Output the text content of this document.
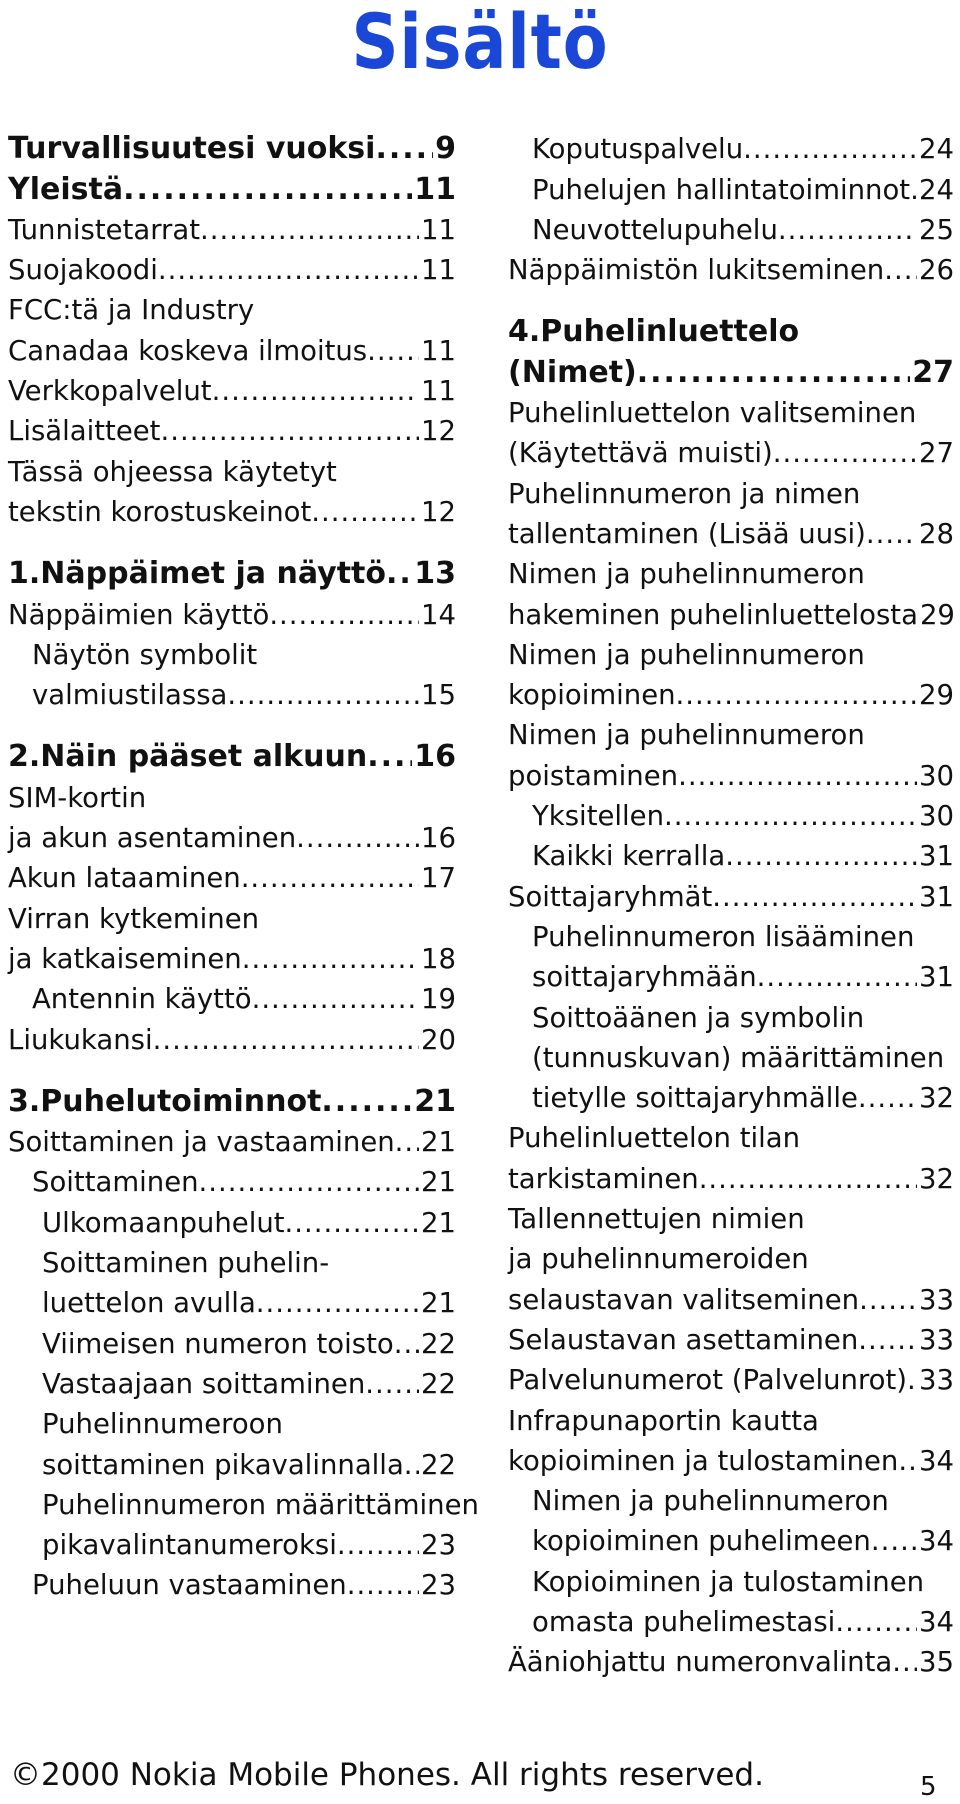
Sisältö
Turvallisuutesi vuoksi ..... 9
Yleistä .....	11
Tunnistetarrat .....	11
Suojakoodi .....	11
FCC:tä ja Industry
Canadaa koskeva ilmoitus ..... 11
Verkkopalvelut .....	11
Lisälaitteet .....	12
Tässä ohjeessa käytetyt
tekstin korostuskeinot .....	12
1.Näppäimet ja näyttö ..... 13
Näppäimien käyttö .....	14
Näytön symbolit
valmiustilassa .....	15
2.Näin pääset alkuun ..... 16
SIM-kortin
ja akun asentaminen .....	16
Akun lataaminen .....	17
Virran kytkeminen
ja katkaiseminen .....	18
Antennin käyttö .....	19
Liukukansi .....	20
3.Puhelutoiminnot .....	21
Soittaminen ja vastaaminen ..... 21
Soittaminen .....	21
Ulkomaanpuhelut .....	21
Soittaminen puhelin-
luettelon avulla .....	21
Viimeisen numeron toisto ..... 22
Vastaajaan soittaminen ..... 22
Puhelinnumeroon
soittaminen pikavalinnalla ..... 22
Puhelinnumeron määrittäminen
pikavalintanumeroksi .....	23
Puheluun vastaaminen .....	23
Koputuspalvelu .....	24
Puhelujen hallintatoiminnot ..... 24
Neuvottelupuhelu .....	25
Näppäimistön lukitseminen ..... 26
4.Puhelinluettelo
(Nimet) .....	27
Puhelinluettelon valitseminen
(Käytettävä muisti) .....	27
Puhelinnumeron ja nimen
tallentaminen (Lisää uusi) ..... 28
Nimen ja puhelinnumeron
hakeminen puhelinluettelosta 29
Nimen ja puhelinnumeron
kopioiminen .....	29
Nimen ja puhelinnumeron
poistaminen .....	30
Yksitellen .....	30
Kaikki kerralla .....	31
Soittajaryhmät .....	31
Puhelinnumeron lisääminen
soittajaryhmään .....	31
Soittoäänen ja symbolin
(tunnuskuvan) määrittäminen
tietylle soittajaryhmälle ..... 32
Puhelinluettelon tilan
tarkistaminen .....	32
Tallennettujen nimien
ja puhelinnumeroiden
selaustavan valitseminen ..... 33
Selaustavan asettaminen ..... 33
Palvelunumerot (Palvelunrot) ..... 33
Infrapunaportin kautta
kopioiminen ja tulostaminen ..... 34
Nimen ja puhelinnumeron
kopioiminen puhelimeen ..... 34
Kopioiminen ja tulostaminen
omasta puhelimestasi .....	34
Ääniohjattu numeronvalinta ..... 35
©2000 Nokia Mobile Phones. All rights reserved.	5
